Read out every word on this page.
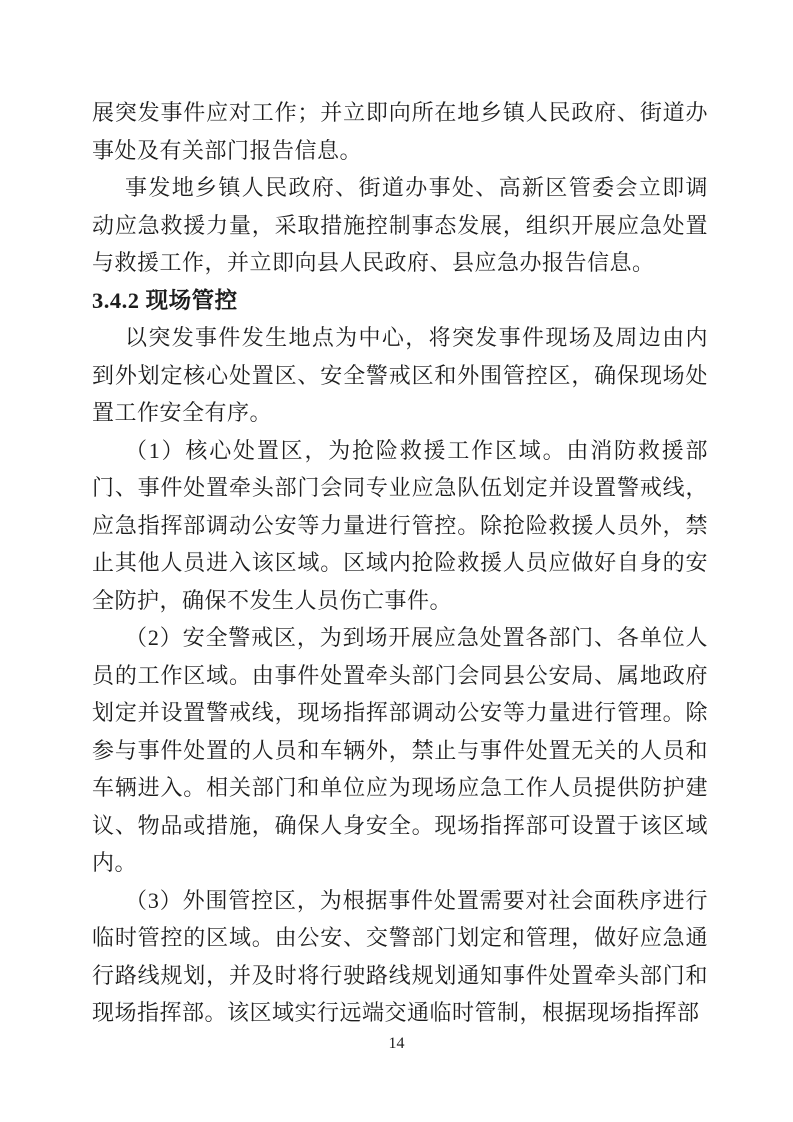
展突发事件应对工作；并立即向所在地乡镇人民政府、街道办事处及有关部门报告信息。

事发地乡镇人民政府、街道办事处、高新区管委会立即调动应急救援力量，采取措施控制事态发展，组织开展应急处置与救援工作，并立即向县人民政府、县应急办报告信息。

3.4.2 现场管控

以突发事件发生地点为中心，将突发事件现场及周边由内到外划定核心处置区、安全警戒区和外围管控区，确保现场处置工作安全有序。

（1）核心处置区，为抢险救援工作区域。由消防救援部门、事件处置牵头部门会同专业应急队伍划定并设置警戒线，应急指挥部调动公安等力量进行管控。除抢险救援人员外，禁止其他人员进入该区域。区域内抢险救援人员应做好自身的安全防护，确保不发生人员伤亡事件。

（2）安全警戒区，为到场开展应急处置各部门、各单位人员的工作区域。由事件处置牵头部门会同县公安局、属地政府划定并设置警戒线，现场指挥部调动公安等力量进行管理。除参与事件处置的人员和车辆外，禁止与事件处置无关的人员和车辆进入。相关部门和单位应为现场应急工作人员提供防护建议、物品或措施，确保人身安全。现场指挥部可设置于该区域内。

（3）外围管控区，为根据事件处置需要对社会面秩序进行临时管控的区域。由公安、交警部门划定和管理，做好应急通行路线规划，并及时将行驶路线规划通知事件处置牵头部门和现场指挥部。该区域实行远端交通临时管制，根据现场指挥部

14
